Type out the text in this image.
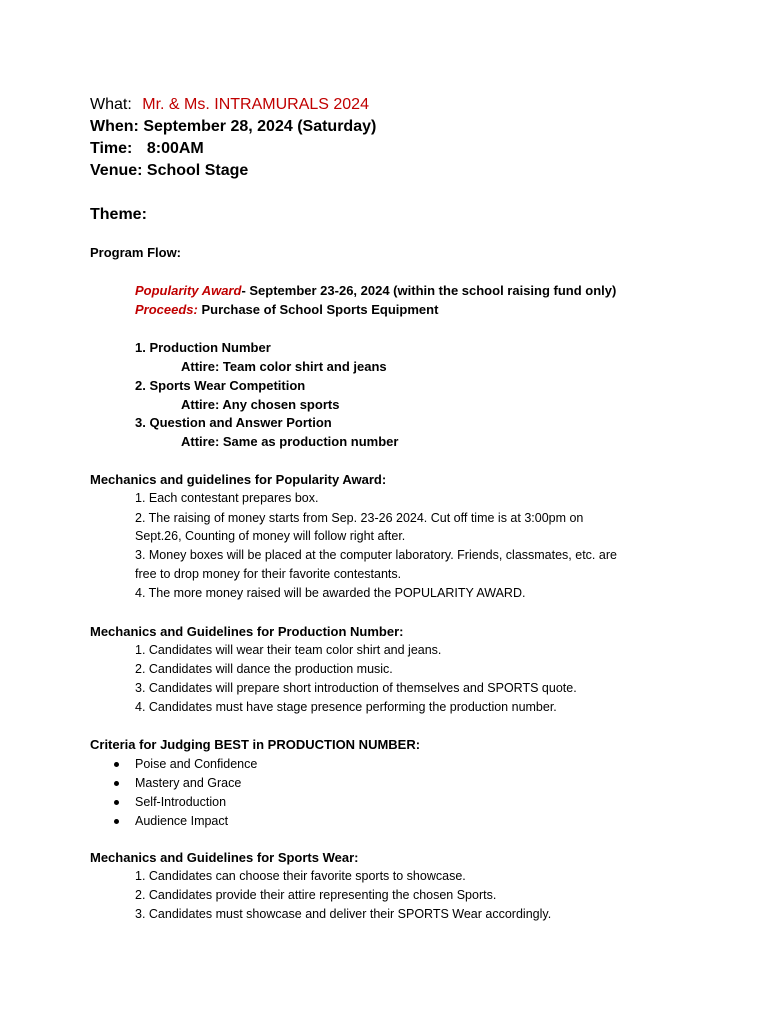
What: Mr. & Ms. INTRAMURALS 2024
When: September 28, 2024 (Saturday)
Time: 8:00AM
Venue: School Stage
Theme:
Program Flow:
Popularity Award- September 23-26, 2024 (within the school raising fund only)
Proceeds: Purchase of School Sports Equipment
1. Production Number
Attire: Team color shirt and jeans
2. Sports Wear Competition
Attire: Any chosen sports
3. Question and Answer Portion
Attire: Same as production number
Mechanics and guidelines for Popularity Award:
1. Each contestant prepares box.
2. The raising of money starts from Sep. 23-26 2024. Cut off time is at 3:00pm on
Sept.26, Counting of money will follow right after.
3. Money boxes will be placed at the computer laboratory. Friends, classmates, etc. are
free to drop money for their favorite contestants.
4. The more money raised will be awarded the POPULARITY AWARD.
Mechanics and Guidelines for Production Number:
1. Candidates will wear their team color shirt and jeans.
2. Candidates will dance the production music.
3. Candidates will prepare short introduction of themselves and SPORTS quote.
4. Candidates must have stage presence performing the production number.
Criteria for Judging BEST in PRODUCTION NUMBER:
Poise and Confidence
Mastery and Grace
Self-Introduction
Audience Impact
Mechanics and Guidelines for Sports Wear:
1. Candidates can choose their favorite sports to showcase.
2. Candidates provide their attire representing the chosen Sports.
3. Candidates must showcase and deliver their SPORTS Wear accordingly.
